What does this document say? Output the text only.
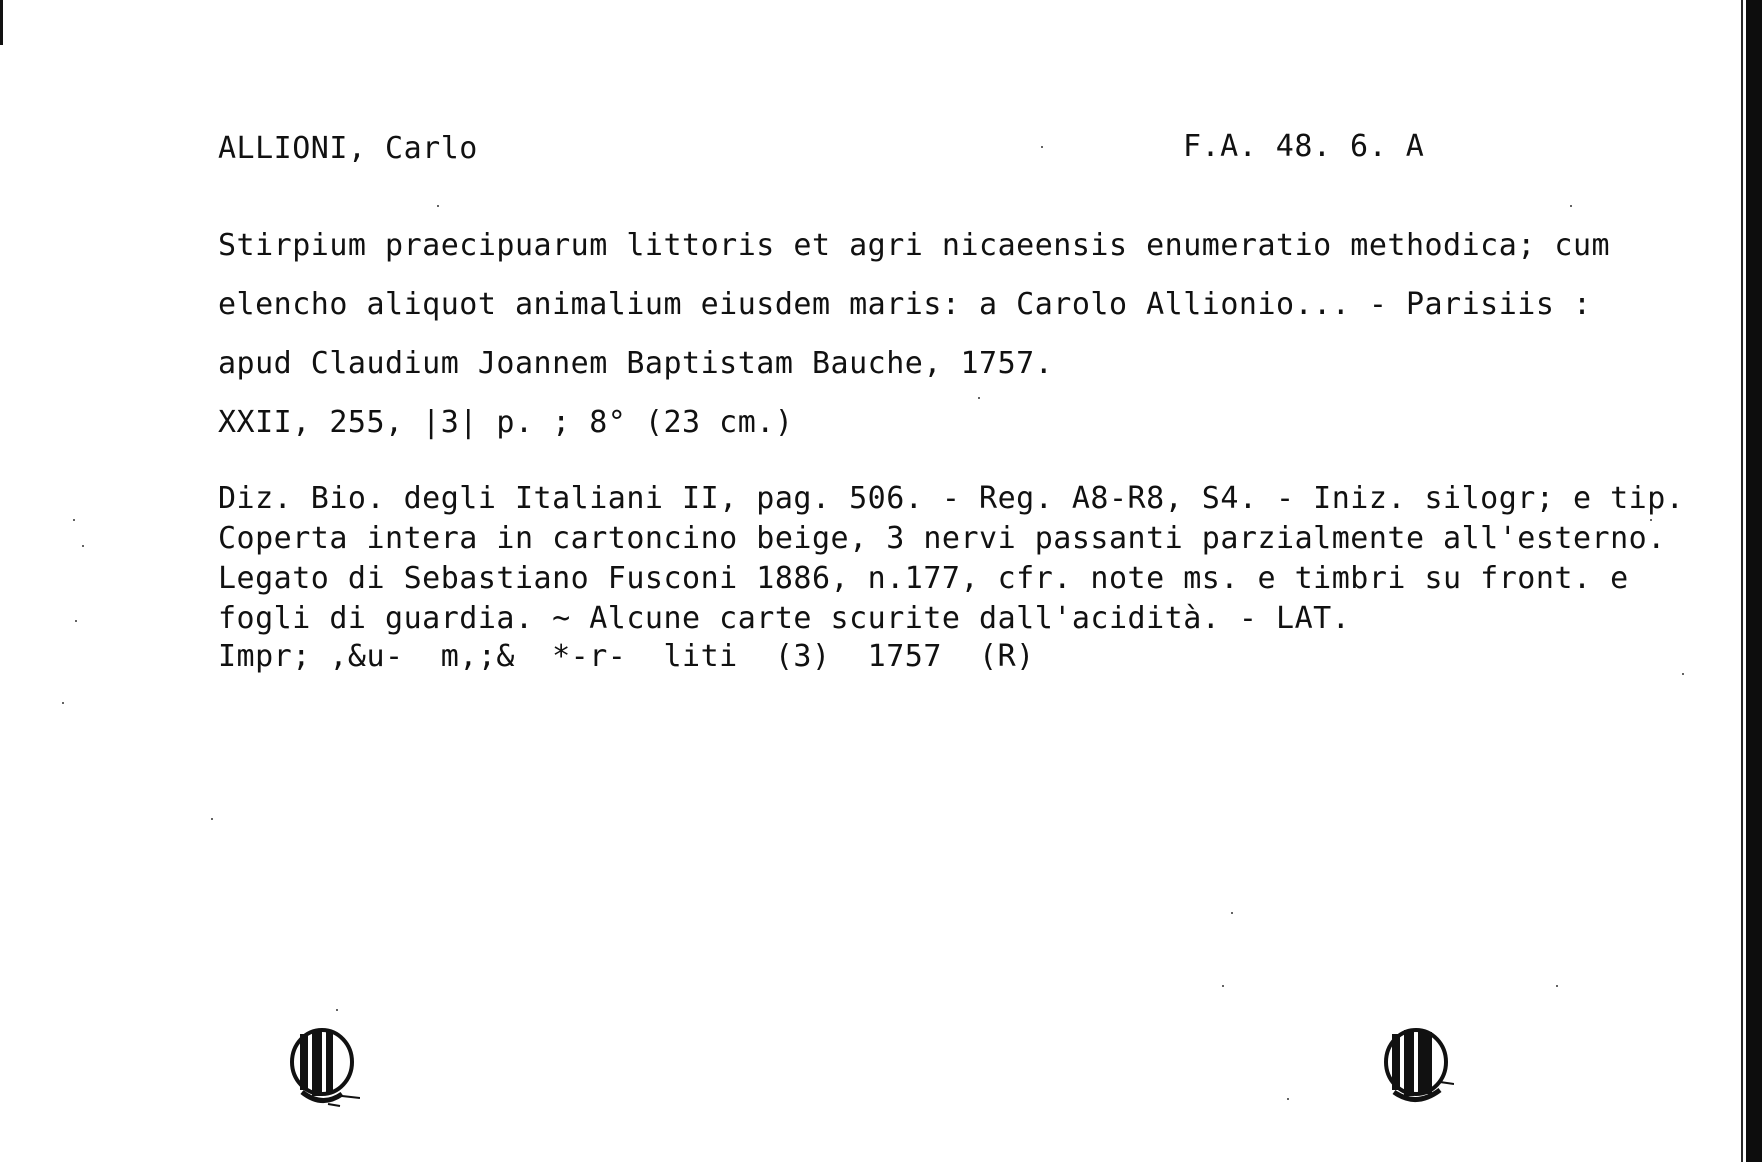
ALLIONI, Carlo	F.A. 48. 6. A
Stirpium praecipuarum littoris et agri nicaeensis enumeratio methodica; cum
elencho aliquot animalium eiusdem maris: a Carolo Allionio... - Parisiis :
apud Claudium Joannem Baptistam Bauche, 1757.
XXII, 255, |3| p. ; 8° (23 cm.)
Diz. Bio. degli Italiani II, pag. 506. - Reg. A8-R8, S4. - Iniz. silogr; e tip.
Coperta intera in cartoncino beige, 3 nervi passanti parzialmente all'esterno.
Legato di Sebastiano Fusconi 1886, n.177, cfr. note ms. e timbri su front. e
fogli di guardia. ~ Alcune carte scurite dall'acidità. - LAT.
Impr; ,&u-  m,;&  *-r-  liti  (3)  1757  (R)
